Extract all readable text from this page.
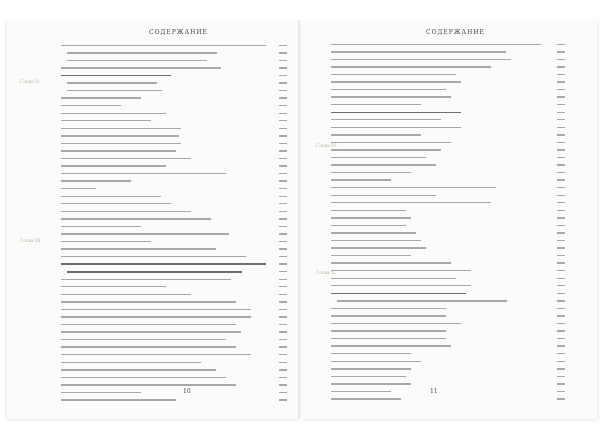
СОДЕРЖАНИЕ
10
Глава II.
Глава III.
СОДЕРЖАНИЕ
11
Глава IV.
Глава V.
